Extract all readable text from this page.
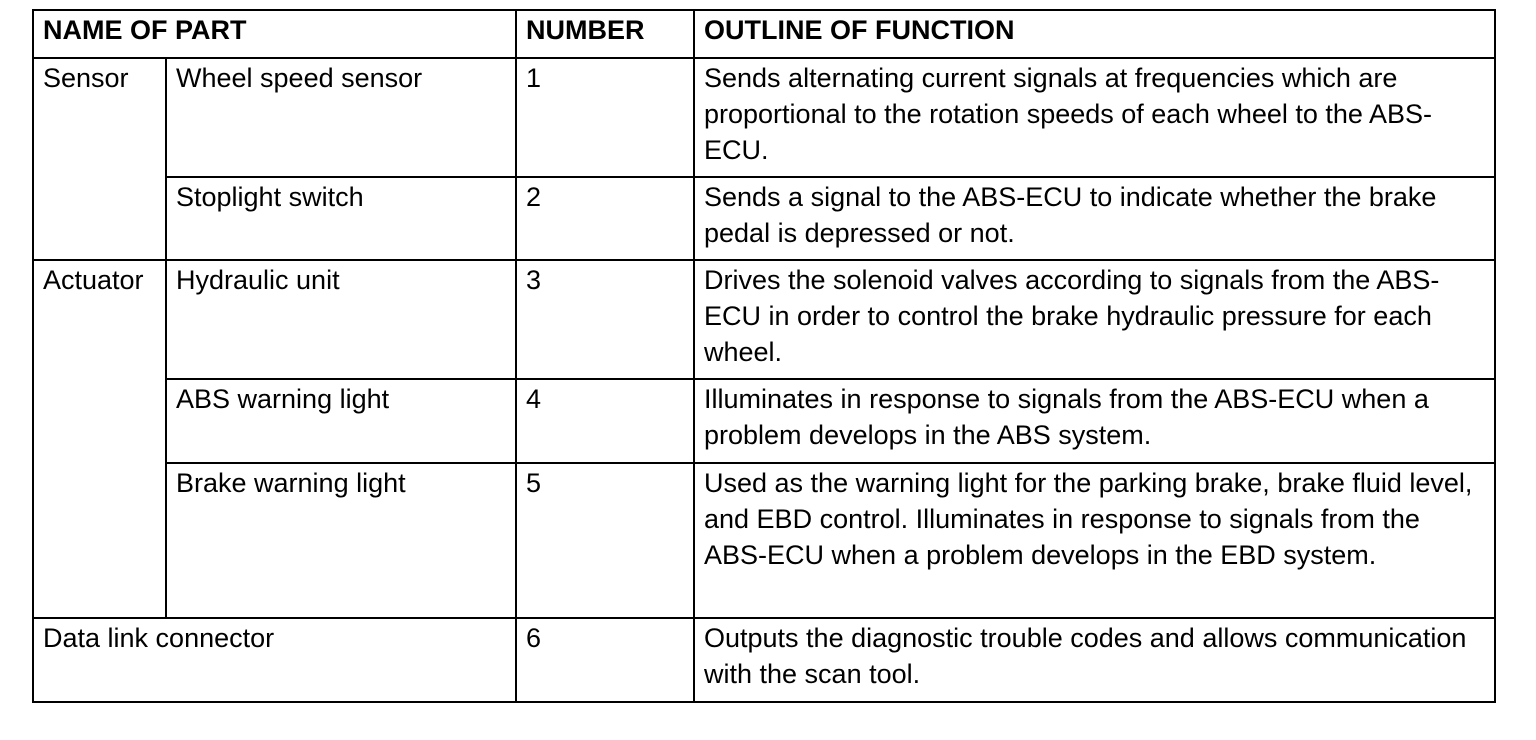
NAME OF PART		NUMBER	OUTLINE OF FUNCTION
Sensor	Wheel speed sensor	1	Sends alternating current signals at frequencies which are proportional to the rotation speeds of each wheel to the ABS-ECU.
	Stoplight switch	2	Sends a signal to the ABS-ECU to indicate whether the brake pedal is depressed or not.
Actuator	Hydraulic unit	3	Drives the solenoid valves according to signals from the ABS-ECU in order to control the brake hydraulic pressure for each wheel.
	ABS warning light	4	Illuminates in response to signals from the ABS-ECU when a problem develops in the ABS system.
	Brake warning light	5	Used as the warning light for the parking brake, brake fluid level, and EBD control. Illuminates in response to signals from the ABS-ECU when a problem develops in the EBD system.
Data link connector		6	Outputs the diagnostic trouble codes and allows communication with the scan tool.
